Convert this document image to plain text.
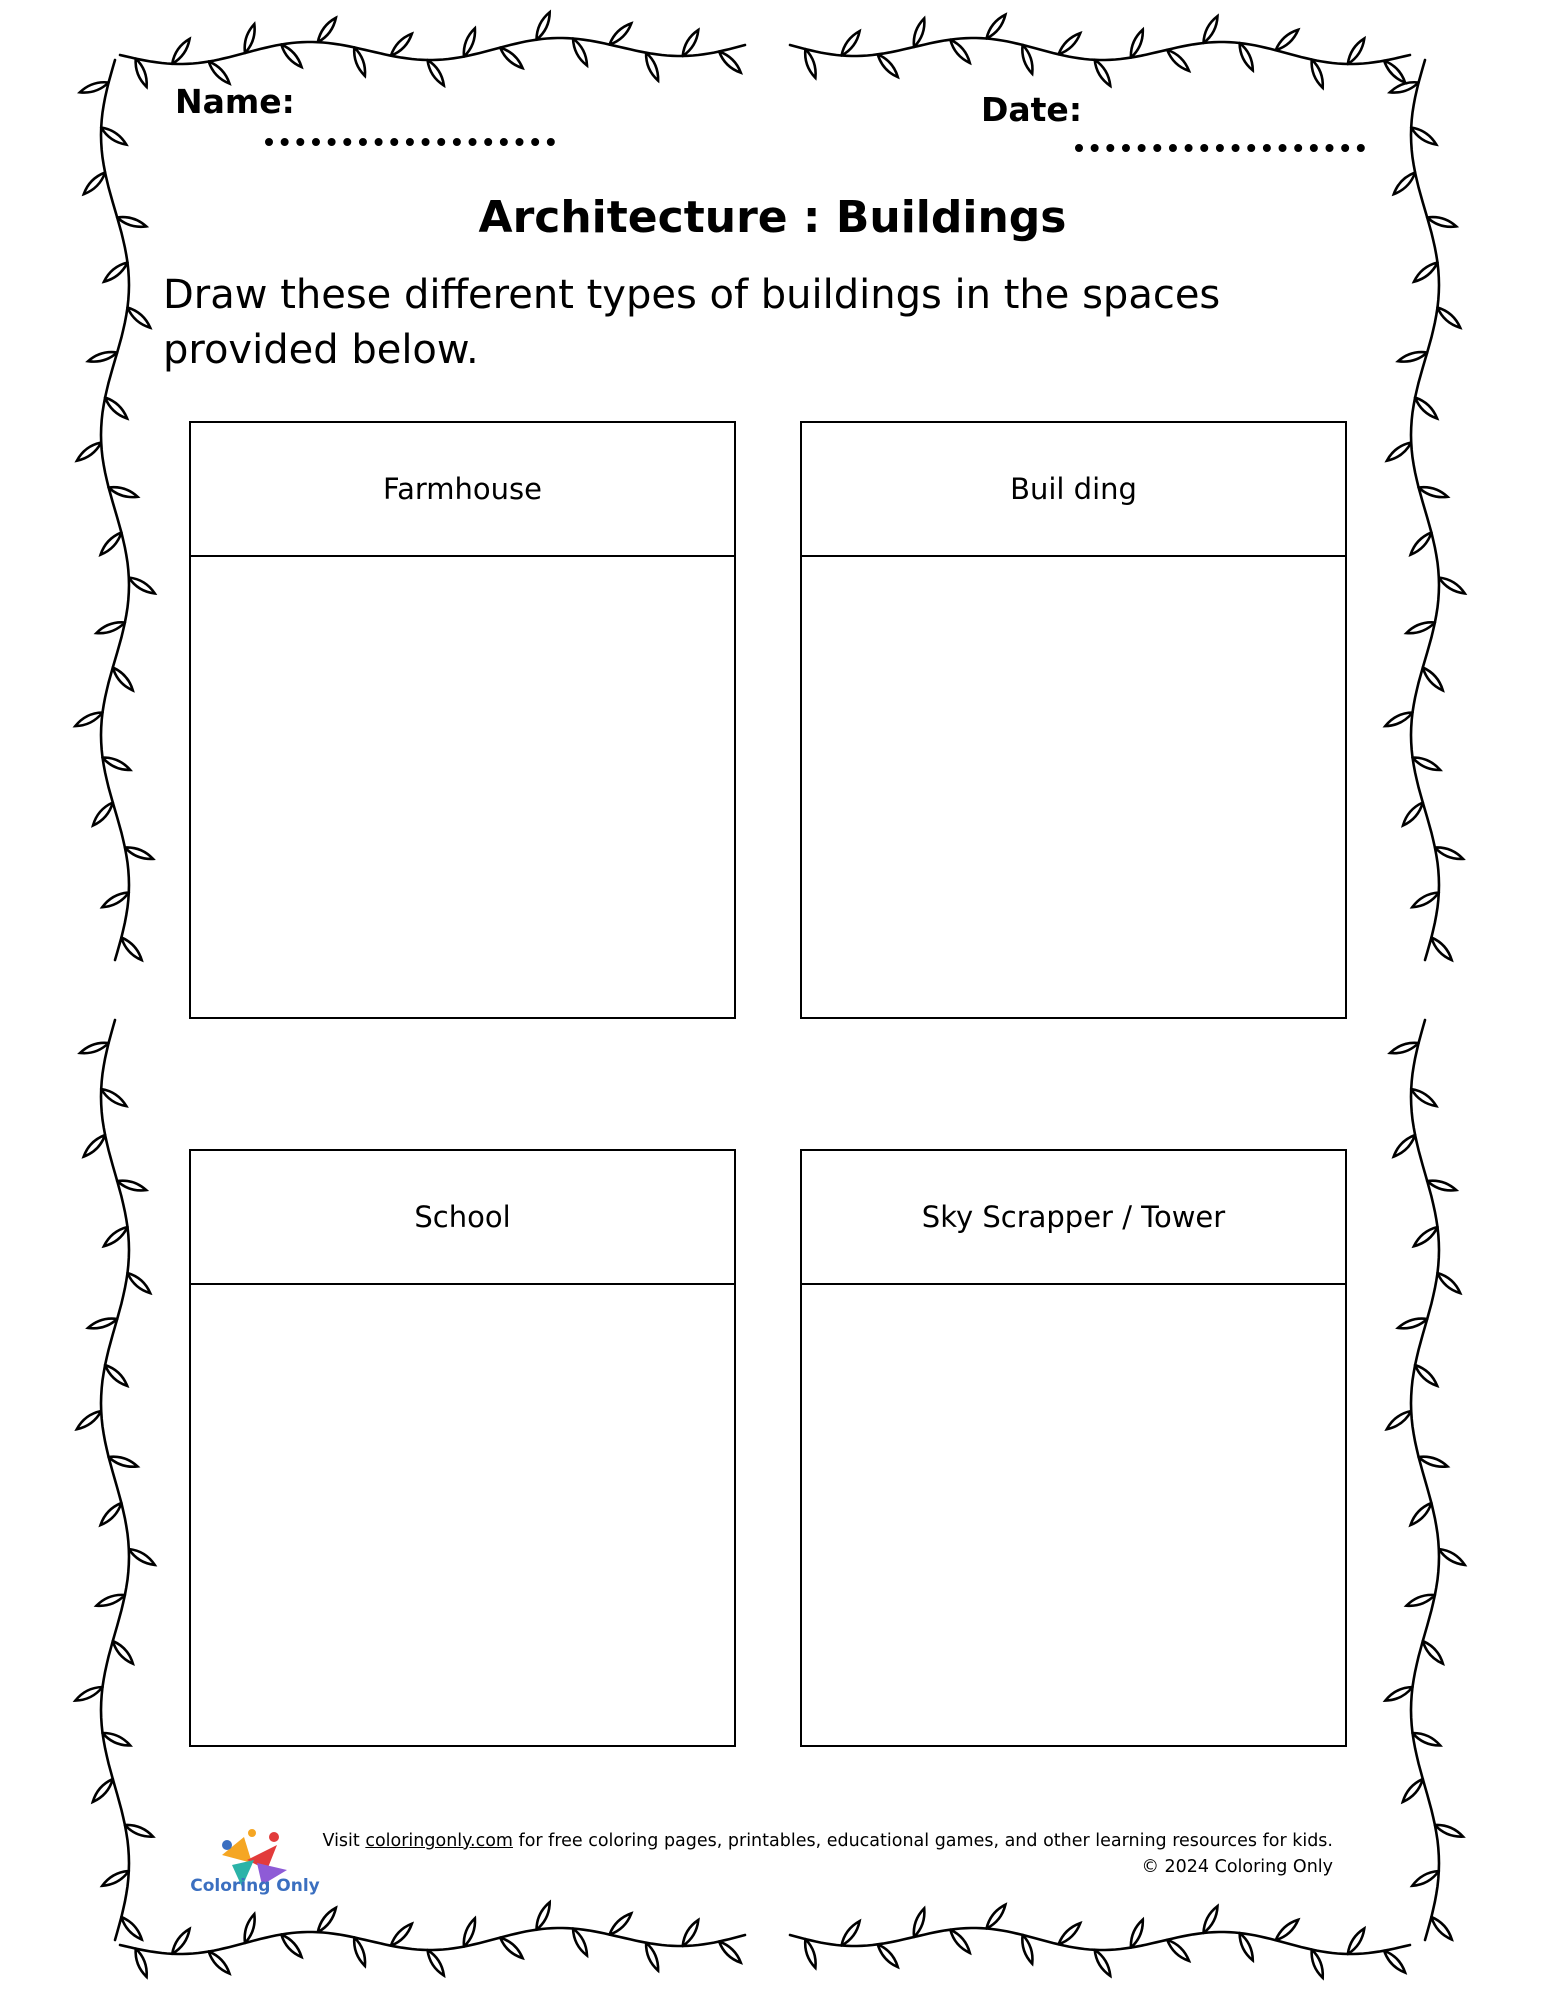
Name:	Date:
Architecture : Buildings
Draw these different types of buildings in the spaces provided below.
Farmhouse	Buil ding
School	Sky Scrapper / Tower
Coloring Only
Visit coloringonly.com for free coloring pages, printables, educational games, and other learning resources for kids.
© 2024 Coloring Only
